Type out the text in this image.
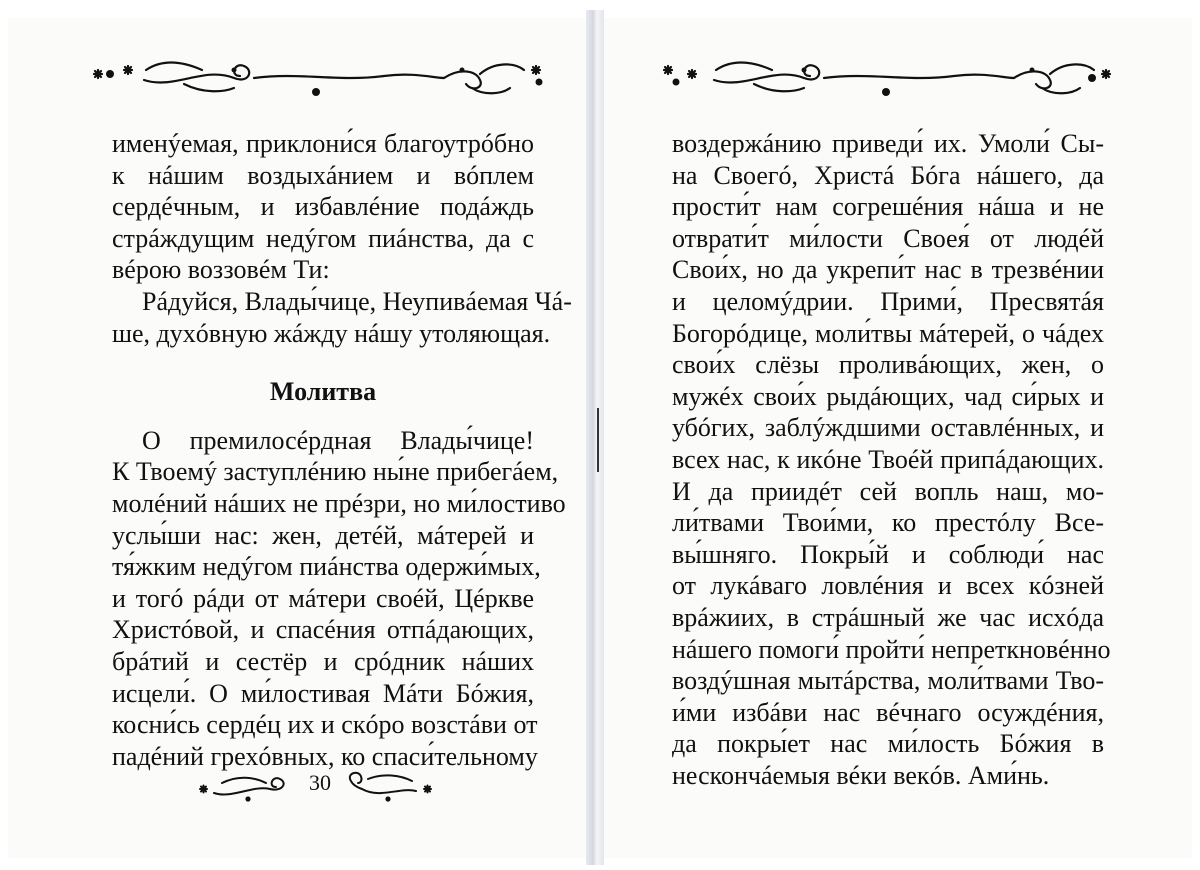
именýемая, приклони́ся благоутрóбно
к нáшим воздыхáнием и вóплем
сердéчным, и избавлéние подáждь
стрáждущим недýгом пиáнства, да с
вéрою воззовéм Ти:
Рáдуйся, Влады́чице, Неупивáемая Чá-
ше, духóвную жáжду нáшу утоляющая.
Молитва
О премилосéрдная Влады́чице!
К Твоемý заступлéнию ны́не прибегáем,
молéний нáших не прéзри, но ми́лостиво
услы́ши нас: жен, детéй, мáтерей и
тя́жким недýгом пиáнства одержи́мых,
и тогó рáди от мáтери своéй, Цéркве
Христóвой, и спасéния отпáдающих,
брáтий и сестёр и срóдник нáших
исцели́. О ми́лостивая Мáти Бóжия,
косни́сь сердéц их и скóро возстáви от
падéний грехóвных, ко спаси́тельному
воздержáнию приведи́ их. Умоли́ Сы-
на Своегó, Христá Бóга нáшего, да
прости́т нам согрешéния нáша и не
отврати́т ми́лости Своея́ от людéй
Свои́х, но да укрепи́т нас в трезвéнии
и целомýдрии. Прими́, Пресвятáя
Богорóдице, моли́твы мáтерей, о чáдех
свои́х слёзы проливáющих, жен, о
мужéх свои́х рыдáющих, чад си́рых и
убóгих, заблýждшими оставлéнных, и
всех нас, к икóне Твоéй припáдающих.
И да приидéт сей вопль наш, мо-
ли́твами Твои́ми, ко престóлу Все-
вы́шняго. Покры́й и соблюди́ нас
от лукáваго ловлéния и всех кóзней
врáжиих, в стрáшный же час исхóда
нáшего помоги́ пройти́ непреткновéнно
воздýшная мытáрства, моли́твами Тво-
и́ми избáви нас вéчнаго осуждéния,
да покры́ет нас ми́лость Бóжия в
нескончáемыя вéки векóв. Ами́нь.
30
